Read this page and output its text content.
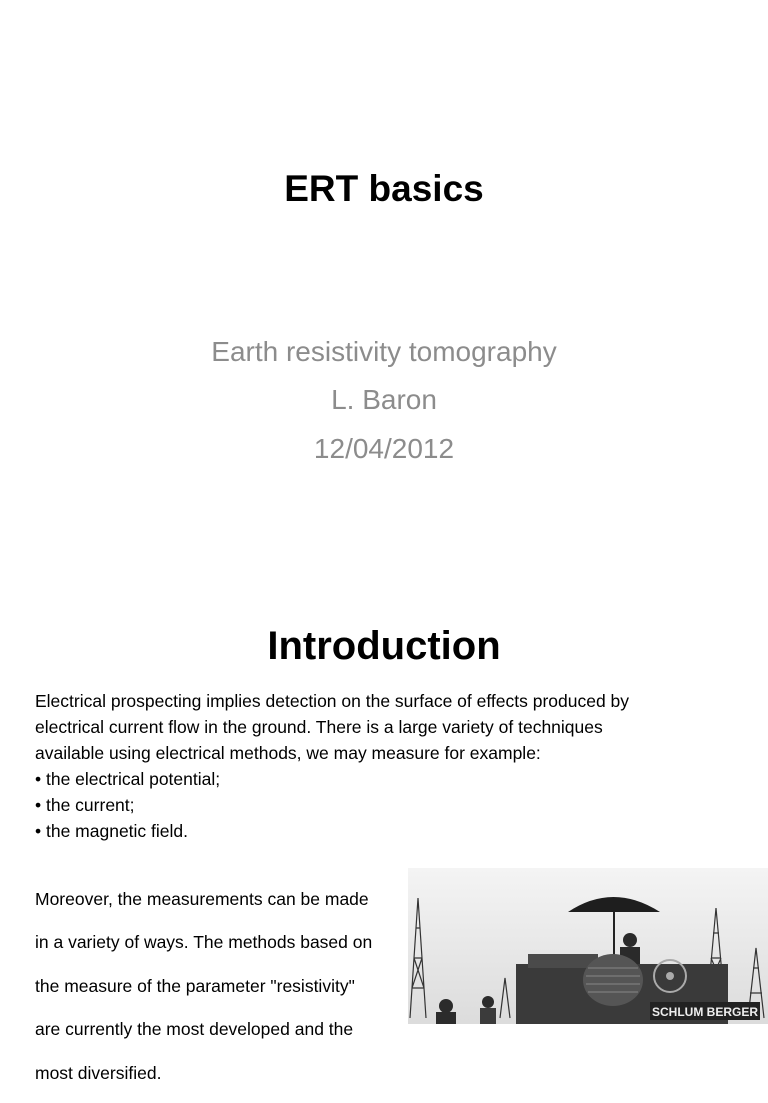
ERT basics
Earth resistivity tomography
L. Baron
12/04/2012
Introduction

Electrical prospecting implies detection on the surface of effects produced by

electrical current flow in the ground. There is a large variety of techniques

available using electrical methods, we may measure for example:

• the electrical potential;

• the current;

• the magnetic field.

Moreover, the measurements can be made

in a variety of ways. The methods based on

the measure of the parameter "resistivity"

are currently the most developed and the

most diversified.

SCHLUM BERGER
